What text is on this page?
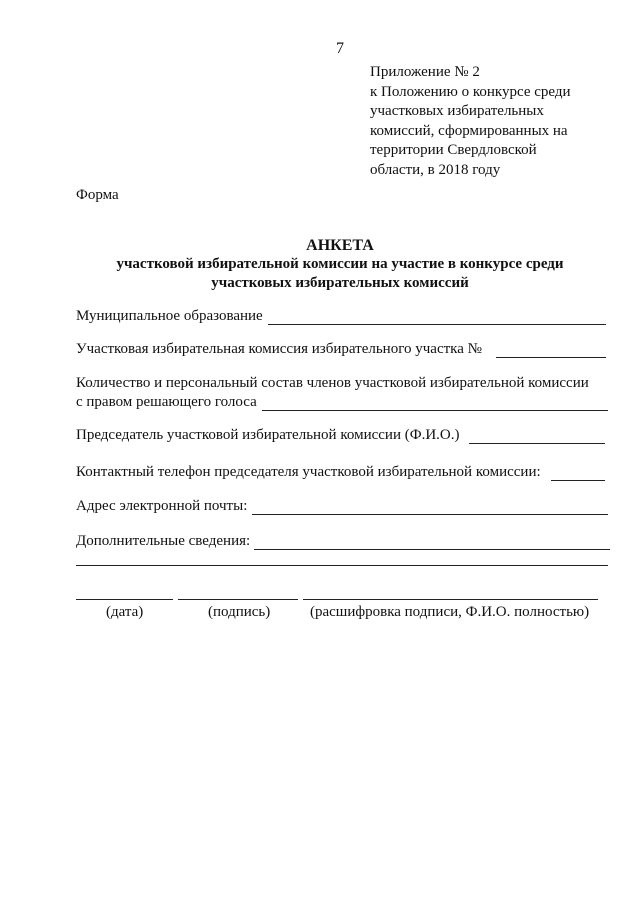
7
Приложение № 2
к Положению о конкурсе среди
участковых избирательных
комиссий, сформированных на
территории Свердловской
области, в 2018 году
Форма
АНКЕТА
участковой избирательной комиссии на участие в конкурсе среди
участковых избирательных комиссий
Муниципальное образование
Участковая избирательная комиссия избирательного участка №
Количество и персональный состав членов участковой избирательной комиссии
с правом решающего голоса
Председатель участковой избирательной комиссии (Ф.И.О.)
Контактный телефон председателя участковой избирательной комиссии:
Адрес электронной почты:
Дополнительные сведения:
(дата)	(подпись)	(расшифровка подписи, Ф.И.О. полностью)
